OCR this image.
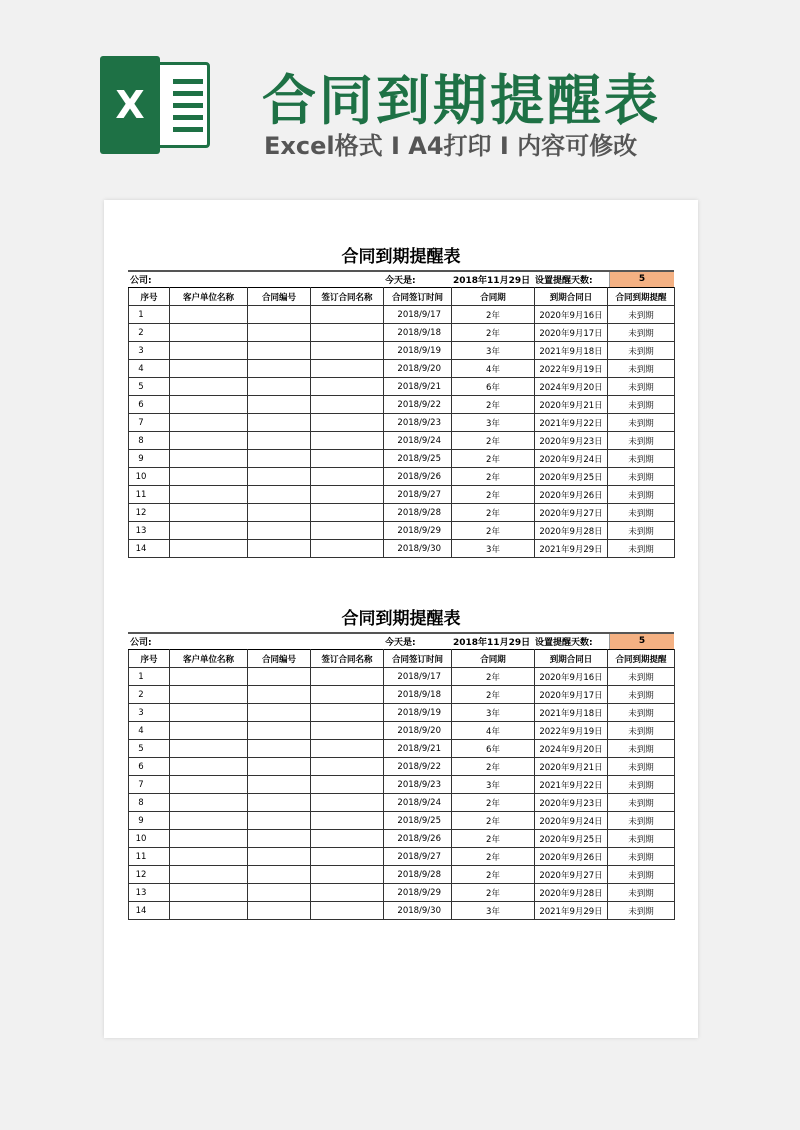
X 合同到期提醒表
Excel格式 I A4打印 I 内容可修改
合同到期提醒表
公司:	今天是:	2018年11月29日 设置提醒天数:	5
序号	客户单位名称	合同编号	签订合同名称	合同签订时间	合同期	到期合同日	合同到期提醒
1				2018/9/17	2年	2020年9月16日	未到期
2				2018/9/18	2年	2020年9月17日	未到期
3				2018/9/19	3年	2021年9月18日	未到期
4				2018/9/20	4年	2022年9月19日	未到期
5				2018/9/21	6年	2024年9月20日	未到期
6				2018/9/22	2年	2020年9月21日	未到期
7				2018/9/23	3年	2021年9月22日	未到期
8				2018/9/24	2年	2020年9月23日	未到期
9				2018/9/25	2年	2020年9月24日	未到期
10				2018/9/26	2年	2020年9月25日	未到期
11				2018/9/27	2年	2020年9月26日	未到期
12				2018/9/28	2年	2020年9月27日	未到期
13				2018/9/29	2年	2020年9月28日	未到期
14				2018/9/30	3年	2021年9月29日	未到期
合同到期提醒表
公司:	今天是:	2018年11月29日 设置提醒天数:	5
序号	客户单位名称	合同编号	签订合同名称	合同签订时间	合同期	到期合同日	合同到期提醒
1				2018/9/17	2年	2020年9月16日	未到期
2				2018/9/18	2年	2020年9月17日	未到期
3				2018/9/19	3年	2021年9月18日	未到期
4				2018/9/20	4年	2022年9月19日	未到期
5				2018/9/21	6年	2024年9月20日	未到期
6				2018/9/22	2年	2020年9月21日	未到期
7				2018/9/23	3年	2021年9月22日	未到期
8				2018/9/24	2年	2020年9月23日	未到期
9				2018/9/25	2年	2020年9月24日	未到期
10				2018/9/26	2年	2020年9月25日	未到期
11				2018/9/27	2年	2020年9月26日	未到期
12				2018/9/28	2年	2020年9月27日	未到期
13				2018/9/29	2年	2020年9月28日	未到期
14				2018/9/30	3年	2021年9月29日	未到期
